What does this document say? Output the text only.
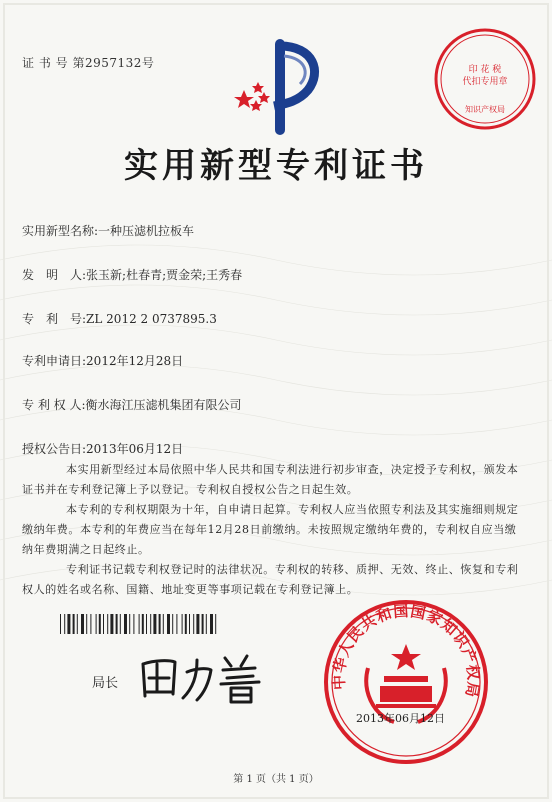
证 书 号 第2957132号	印 花 税
代扣专用章
知识产权局
实用新型专利证书
实用新型名称:一种压滤机拉板车
发　明　人:张玉新;杜春青;贾金荣;王秀春
专　利　号:ZL 2012 2 0737895.3
专利申请日:2012年12月28日
专 利 权 人:衡水海江压滤机集团有限公司
授权公告日:2013年06月12日

本实用新型经过本局依照中华人民共和国专利法进行初步审查，决定授予专利权，颁发本证书并在专利登记簿上予以登记。专利权自授权公告之日起生效。

本专利的专利权期限为十年，自申请日起算。专利权人应当依照专利法及其实施细则规定缴纳年费。本专利的年费应当在每年12月28日前缴纳。未按照规定缴纳年费的，专利权自应当缴纳年费期满之日起终止。

专利证书记载专利权登记时的法律状况。专利权的转移、质押、无效、终止、恢复和专利权人的姓名或名称、国籍、地址变更等事项记载在专利登记簿上。

局长	中华人民共和国国家知识产权局
2013年06月12日
第 1 页（共 1 页）
